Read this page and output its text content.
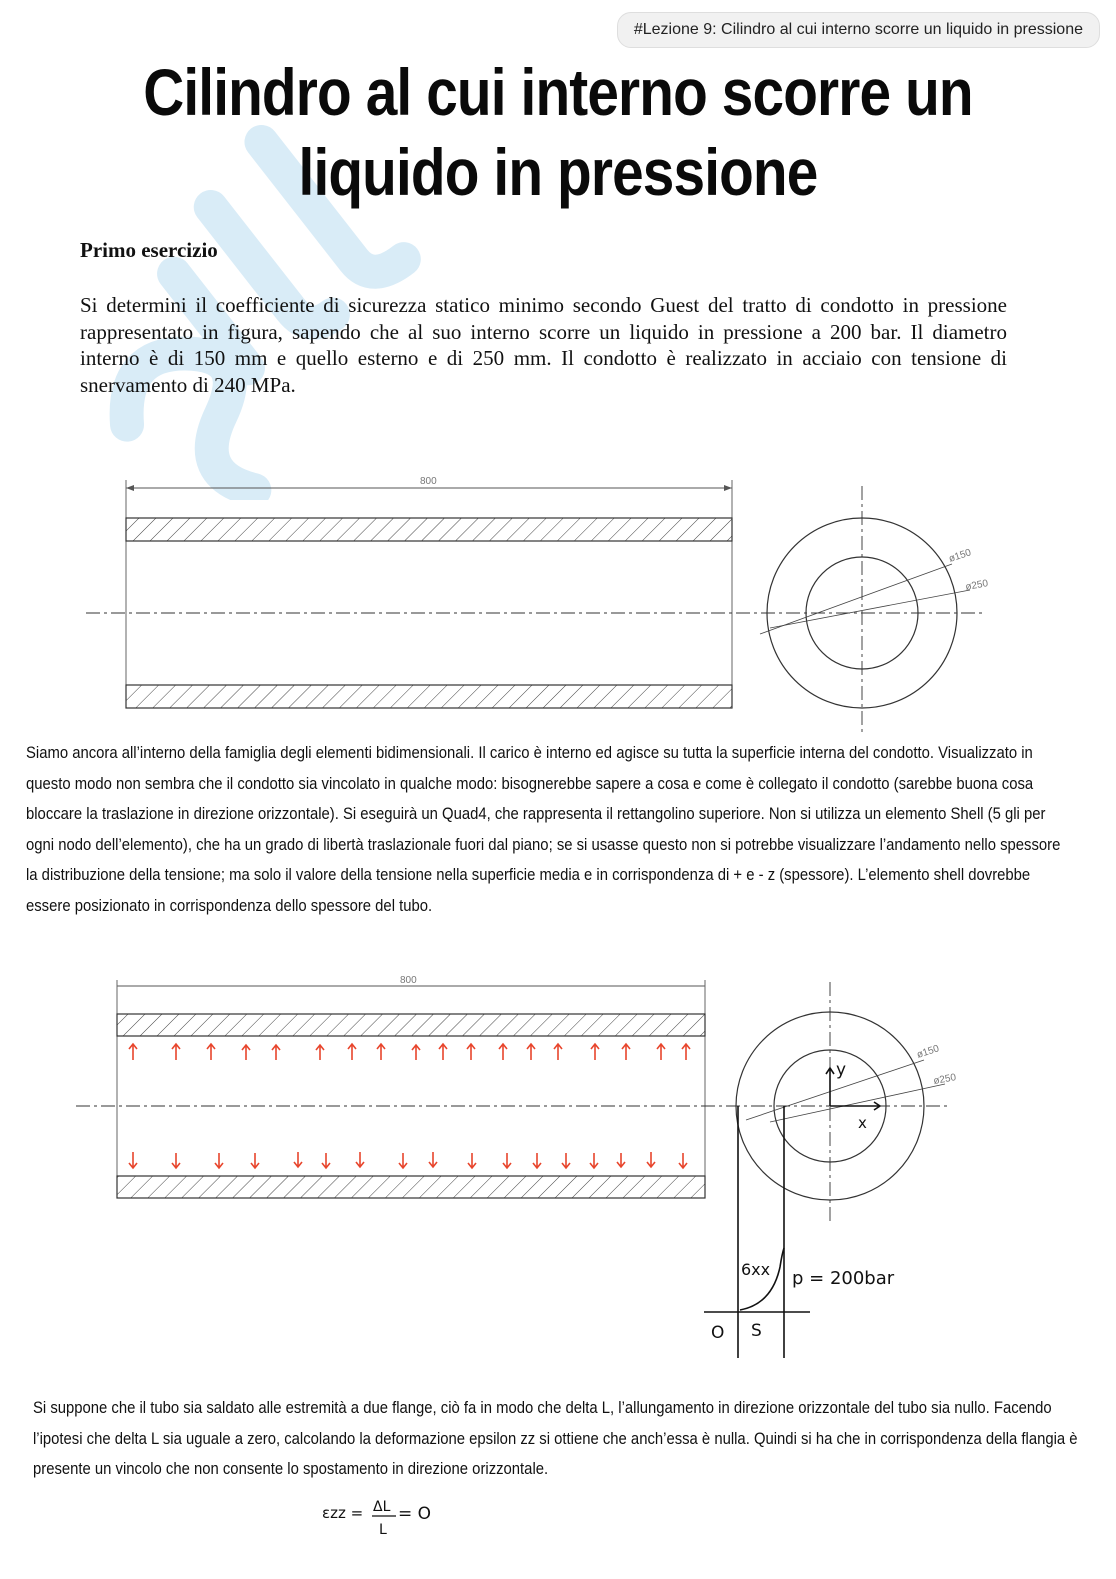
#Lezione 9: Cilindro al cui interno scorre un liquido in pressione
Cilindro al cui interno scorre un
liquido in pressione
Primo esercizio

Si determini il coefficiente di sicurezza statico minimo secondo Guest del tratto di condotto in pressione rappresentato in figura, sapendo che al suo interno scorre un liquido in pressione a 200 bar. Il diametro interno è di 150 mm e quello esterno e di 250 mm. Il condotto è realizzato in acciaio con tensione di snervamento di 240 MPa.

800
ø150
ø250

Siamo ancora all’interno della famiglia degli elementi bidimensionali. Il carico è interno ed agisce su tutta la superficie interna del condotto. Visualizzato in questo modo non sembra che il condotto sia vincolato in qualche modo: bisognerebbe sapere a cosa e come è collegato il condotto (sarebbe buona cosa bloccare la traslazione in direzione orizzontale). Si eseguirà un Quad4, che rappresenta il rettangolino superiore. Non si utilizza un elemento Shell (5 gli per ogni nodo dell’elemento), che ha un grado di libertà traslazionale fuori dal piano; se si usasse questo non si potrebbe visualizzare l’andamento nello spessore la distribuzione della tensione; ma solo il valore della tensione nella superficie media e in corrispondenza di + e - z (spessore). L’elemento shell dovrebbe essere posizionato in corrispondenza dello spessore del tubo.

800
ø150
ø250
y
x
6xx p = 200bar
O S

Si suppone che il tubo sia saldato alle estremità a due flange, ciò fa in modo che delta L, l’allungamento in direzione orizzontale del tubo sia nullo. Facendo l’ipotesi che delta L sia uguale a zero, calcolando la deformazione epsilon zz si ottiene che anch’essa è nulla. Quindi si ha che in corrispondenza della flangia è presente un vincolo che non consente lo spostamento in direzione orizzontale.

εzz = ΔL
L
= O
